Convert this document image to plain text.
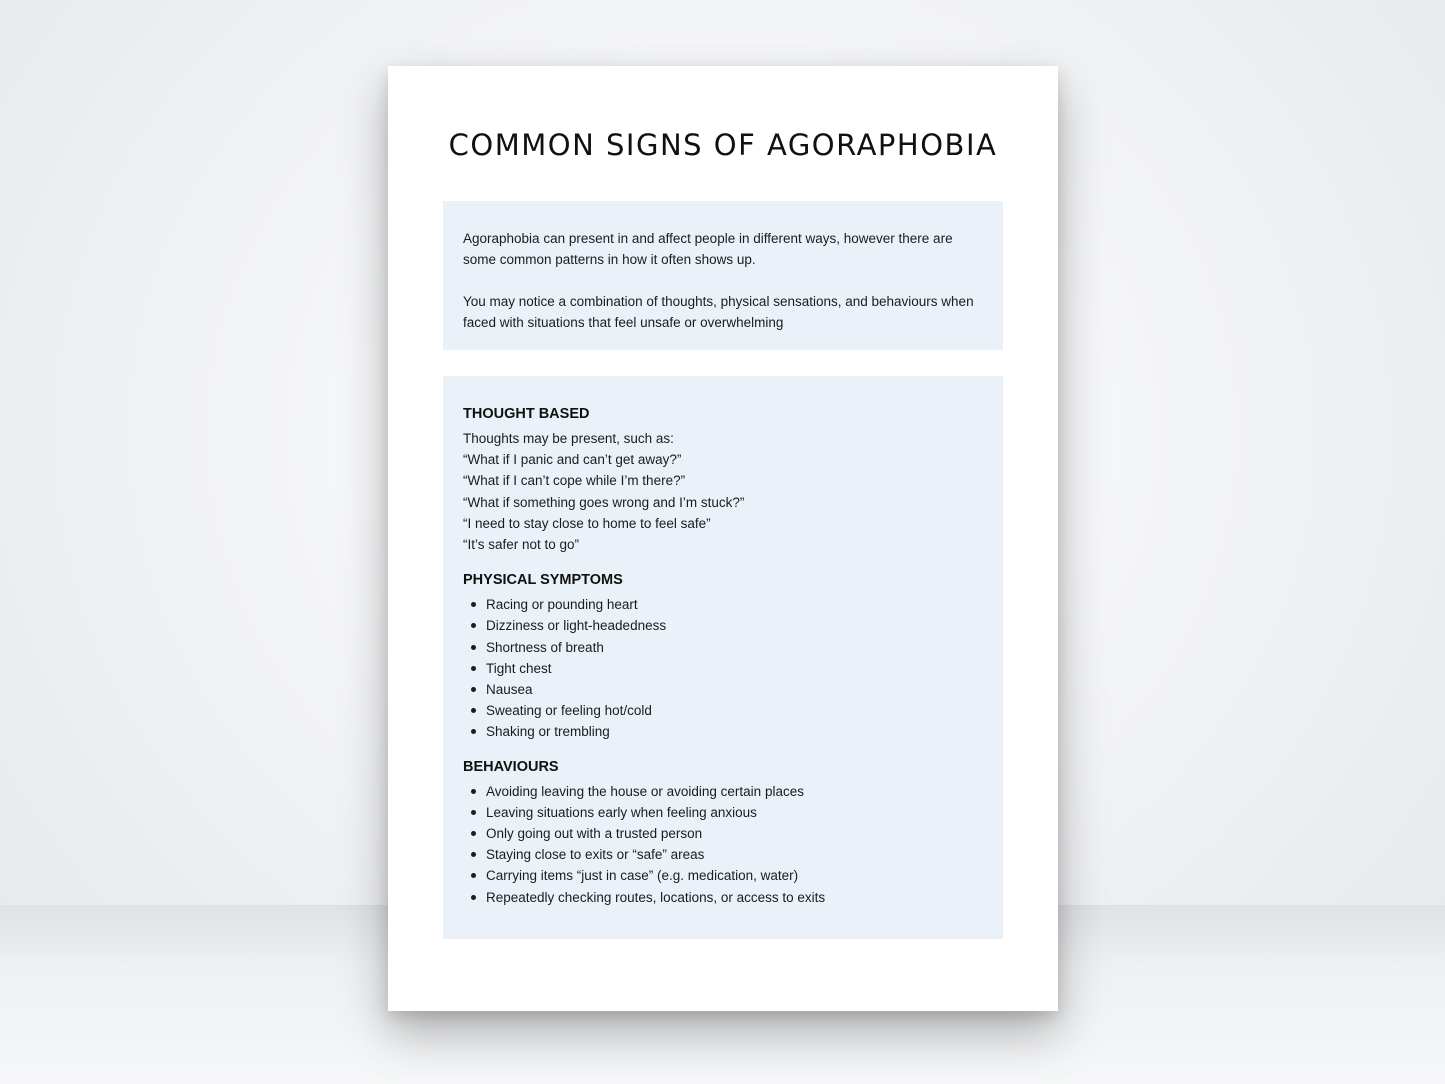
COMMON SIGNS OF AGORAPHOBIA

Agoraphobia can present in and affect people in different ways, however there are some common patterns in how it often shows up.

You may notice a combination of thoughts, physical sensations, and behaviours when faced with situations that feel unsafe or overwhelming

THOUGHT BASED
Thoughts may be present, such as:
“What if I panic and can’t get away?”
“What if I can’t cope while I’m there?”
“What if something goes wrong and I’m stuck?”
“I need to stay close to home to feel safe”
“It’s safer not to go”
PHYSICAL SYMPTOMS
Racing or pounding heart
Dizziness or light-headedness
Shortness of breath
Tight chest
Nausea
Sweating or feeling hot/cold
Shaking or trembling
BEHAVIOURS
Avoiding leaving the house or avoiding certain places
Leaving situations early when feeling anxious
Only going out with a trusted person
Staying close to exits or “safe” areas
Carrying items “just in case” (e.g. medication, water)
Repeatedly checking routes, locations, or access to exits
